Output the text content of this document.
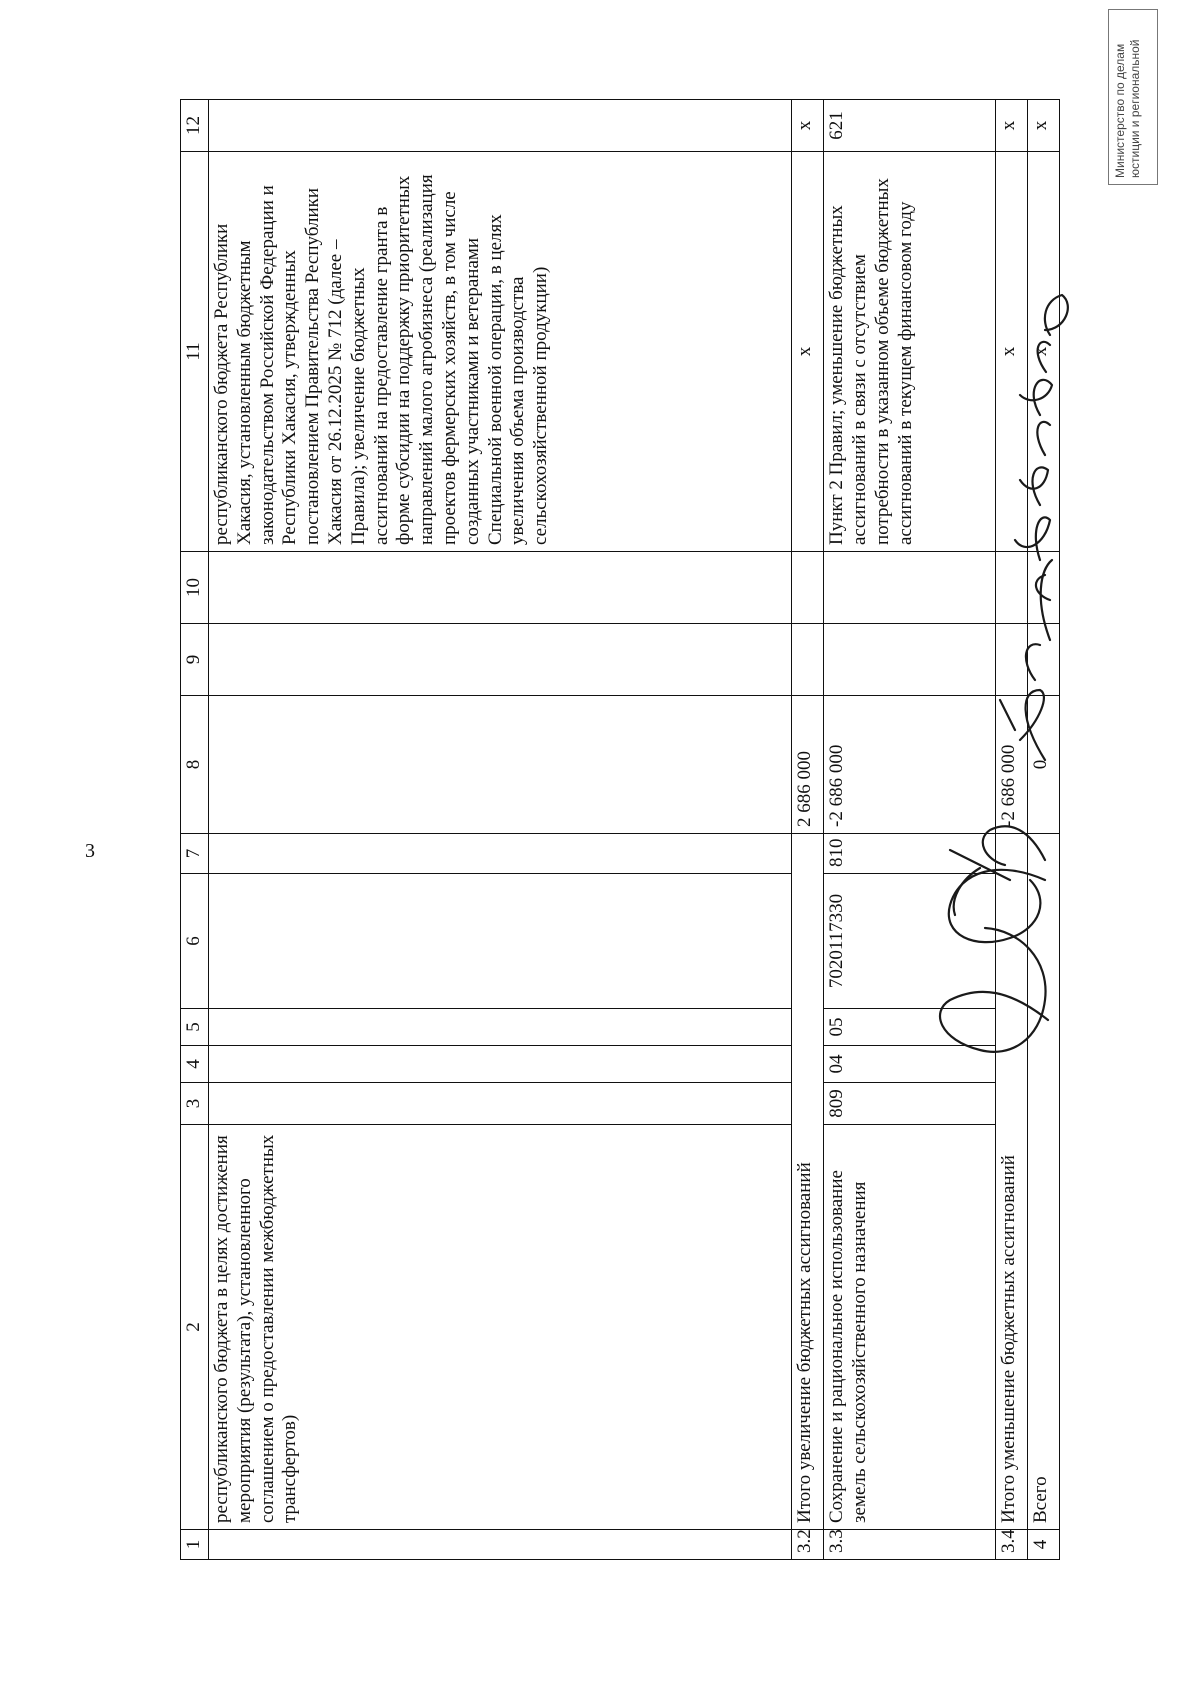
3
1	2	3	4	5	6	7	8	9	10	11	12
	республиканского бюджета в целях достижения мероприятия (результата), установленного соглашением о предоставлении межбюджетных трансфертов)									республиканского бюджета Республики Хакасия, установленным бюджетным законодательством Российской Федерации и Республики Хакасия, утвержденных постановлением Правительства Республики Хакасия от 26.12.2025 № 712 (далее – Правила); увеличение бюджетных ассигнований на предоставление гранта в форме субсидии на поддержку приоритетных направлений малого агробизнеса (реализация проектов фермерских хозяйств, в том числе созданных участниками и ветеранами Специальной военной операции, в целях увеличения объема производства сельскохозяйственной продукции)	
3.2	Итого увеличение бюджетных ассигнований						2 686 000			х	х
3.3	Сохранение и рациональное использование земель сельскохозяйственного назначения	809	04	05	7020117330	810	-2 686 000			Пункт 2 Правил; уменьшение бюджетных ассигнований в связи с отсутствием потребности в указанном объеме бюджетных ассигнований в текущем финансовом году	621
3.4	Итого уменьшение бюджетных ассигнований						-2 686 000			х	х
4	Всего						0			х	х	Министерство по делам юстиции и региональной
